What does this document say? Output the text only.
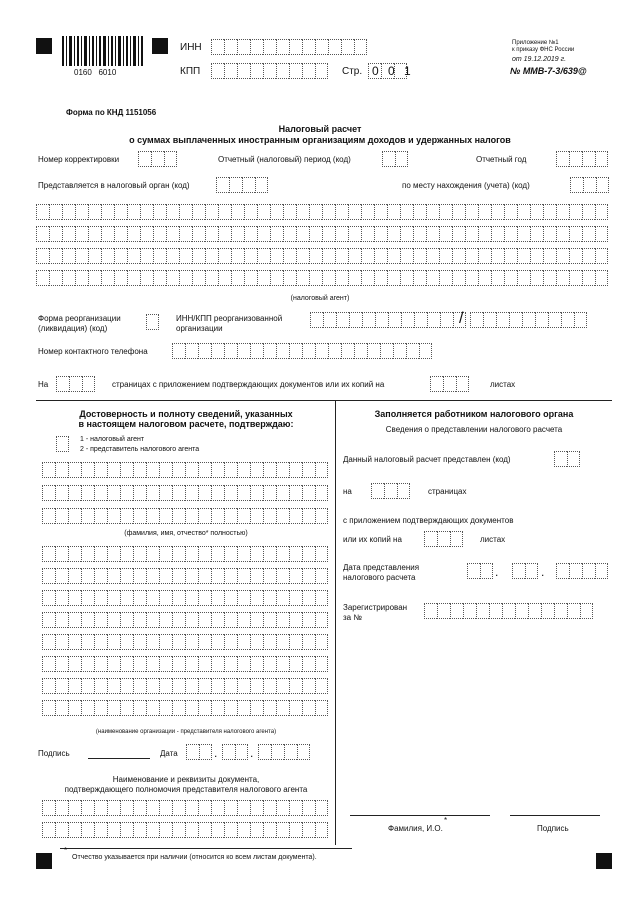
0160   6010
ИНН
КПП	Стр. 0 0 1
Приложение №1
к приказу ФНС России
от 19.12.2019 г.
№ ММВ-7-3/639@
Форма по КНД 1151056
Налоговый расчет
о суммах выплаченных иностранным организациям доходов и удержанных налогов
Номер корректировки	Отчетный (налоговый) период (код)	Отчетный год
Представляется в налоговый орган (код)	по месту нахождения (учета) (код)
(налоговый агент)
Форма реорганизации
(ликвидация) (код)
ИНН/КПП реорганизованной
организации
/
Номер контактного телефона
На	страницах с приложением подтверждающих документов или их копий на	листах
Достоверность и полноту сведений, указанных
в настоящем налоговом расчете, подтверждаю:
1 - налоговый агент
2 - представитель налогового агента
(фамилия, имя, отчество* полностью)
(наименование организации - представителя налогового агента)
Подпись	Дата	.	.
Наименование и реквизиты документа,
подтверждающего полномочия представителя налогового агента
Заполняется работником налогового органа
Сведения о представлении налогового расчета
Данный налоговый расчет представлен (код)
на	страницах
с приложением подтверждающих документов
или их копий на	листах
Дата представления
налогового расчета	.	.
Зарегистрирован
за №
Фамилия, И.О.
*
Подпись
*
Отчество указывается при наличии (относится ко всем листам документа).
